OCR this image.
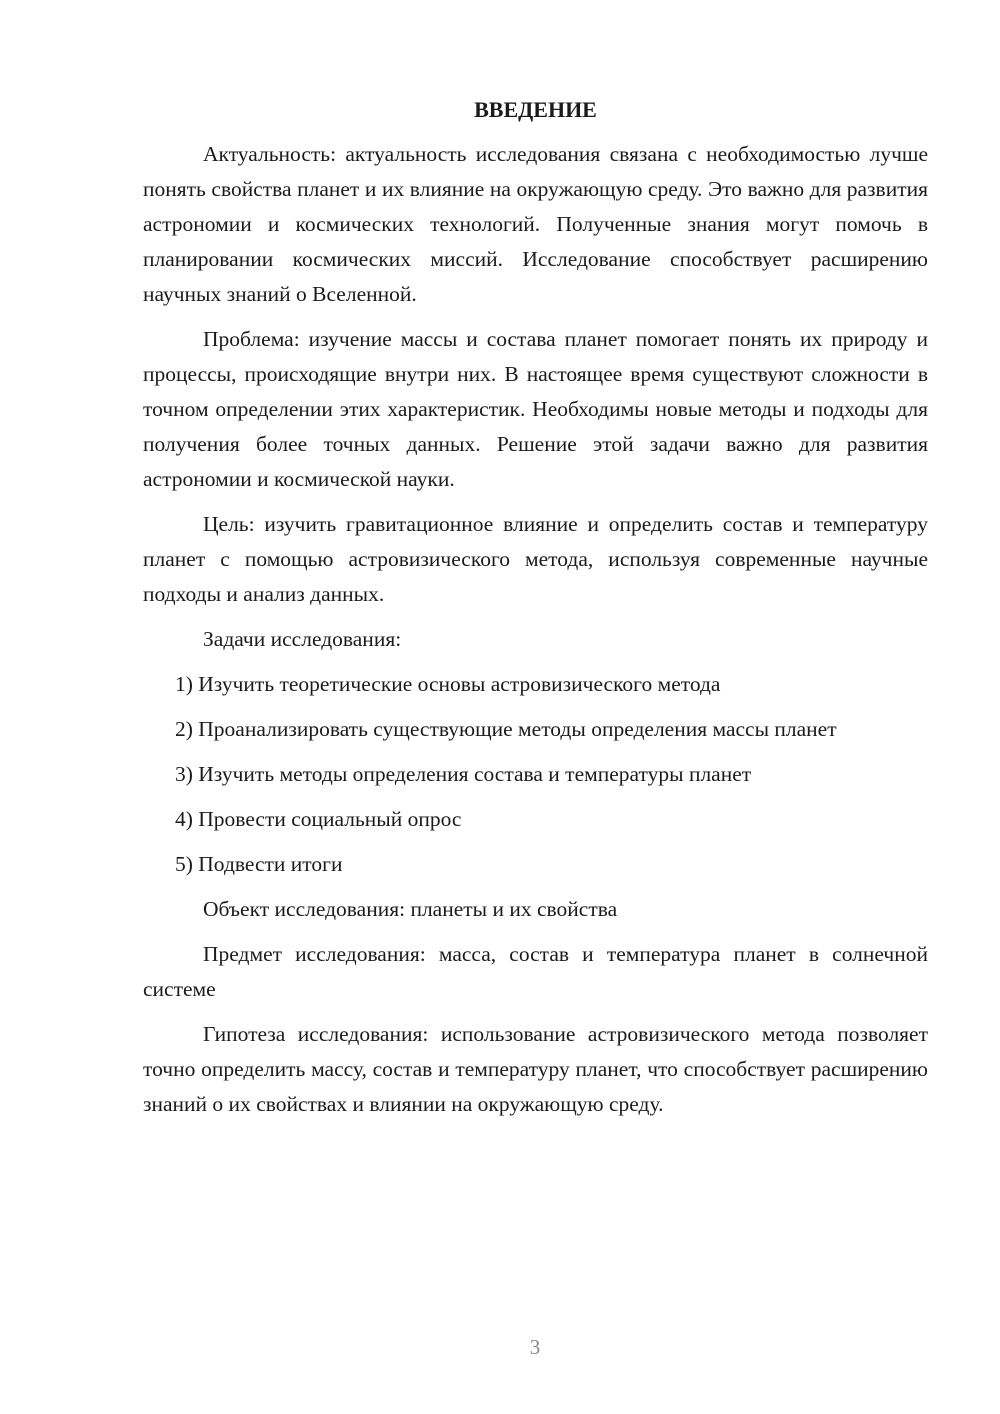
ВВЕДЕНИЕ

Актуальность: актуальность исследования связана с необходимостью лучше понять свойства планет и их влияние на окружающую среду. Это важно для развития астрономии и космических технологий. Полученные знания могут помочь в планировании космических миссий. Исследование способствует расширению научных знаний о Вселенной.

Проблема: изучение массы и состава планет помогает понять их природу и процессы, происходящие внутри них. В настоящее время существуют сложности в точном определении этих характеристик. Необходимы новые методы и подходы для получения более точных данных. Решение этой задачи важно для развития астрономии и космической науки.

Цель: изучить гравитационное влияние и определить состав и температуру планет с помощью астровизического метода, используя современные научные подходы и анализ данных.

Задачи исследования:

1) Изучить теоретические основы астровизического метода

2) Проанализировать существующие методы определения массы планет

3) Изучить методы определения состава и температуры планет

4) Провести социальный опрос

5) Подвести итоги

Объект исследования: планеты и их свойства

Предмет исследования: масса, состав и температура планет в солнечной системе

Гипотеза исследования: использование астровизического метода позволяет точно определить массу, состав и температуру планет, что способствует расширению знаний о их свойствах и влиянии на окружающую среду.

3
